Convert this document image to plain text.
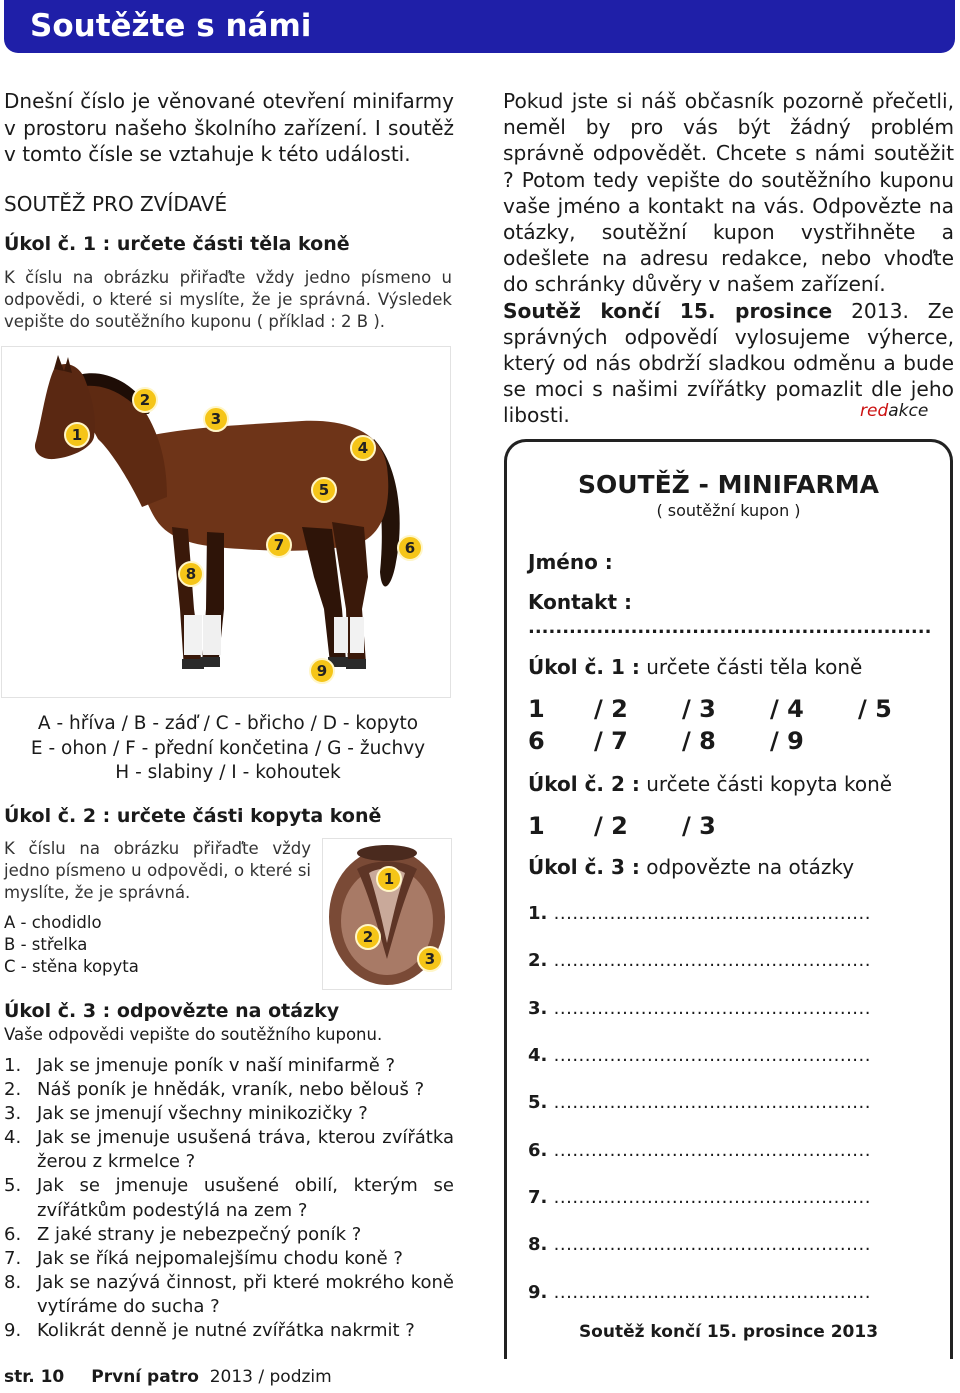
Soutěžte s námi
Dnešní číslo je věnované otevření minifarmy v prostoru našeho školního zařízení. I soutěž v tomto čísle se vztahuje k této události.
SOUTĚŽ PRO ZVÍDAVÉ
Úkol č. 1 : určete části těla koně
K číslu na obrázku přiřaďte vždy jedno písmeno u odpovědi, o které si myslíte, že je správná. Výsledek vepište do soutěžního kuponu ( příklad : 2 B ).
1
2
3
4
5
6
7
8
9
A - hříva / B - záď / C - břicho / D - kopyto
E - ohon / F - přední končetina / G - žuchvy
H - slabiny / I - kohoutek
Úkol č. 2 : určete části kopyta koně
K číslu na obrázku přiřaďte vždy jedno písmeno u odpovědi, o které si myslíte, že je správná.
A - chodidlo
B - střelka
C - stěna kopyta
1
2
3
Úkol č. 3 : odpovězte na otázky
Vaše odpovědi vepište do soutěžního kuponu.
1. Jak se jmenuje poník v naší minifarmě ?
2. Náš poník je hnědák, vraník, nebo bělouš ?
3. Jak se jmenují všechny minikozičky ?
4. Jak se jmenuje usušená tráva, kterou zvířátka žerou z krmelce ?
5. Jak se jmenuje usušené obilí, kterým se zvířátkům podestýlá na zem ?
6. Z jaké strany je nebezpečný poník ?
7. Jak se říká nejpomalejšímu chodu koně ?
8. Jak se nazývá činnost, při které mokrého koně vytíráme do sucha ?
9. Kolikrát denně je nutné zvířátka nakrmit ?
str. 10 První patro 2013 / podzim
Pokud jste si náš občasník pozorně přečetli, neměl by pro vás být žádný problém správně odpovědět. Chcete s námi soutěžit ? Potom tedy vepište do soutěžního kuponu vaše jméno a kontakt na vás. Odpovězte na otázky, soutěžní kupon vystřihněte a odešlete na adresu redakce, nebo vhoďte do schránky důvěry v našem zařízení.
Soutěž končí 15. prosince 2013. Ze správných odpovědí vylosujeme výherce, který od nás obdrží sladkou odměnu a bude se moci s našimi zvířátky pomazlit dle jeho libosti.	redakce
SOUTĚŽ - MINIFARMA
( soutěžní kupon )
Jméno :
Kontakt :
...........................................................
Úkol č. 1 : určete části těla koně
1 / 2 / 3 / 4 / 5
6 / 7 / 8 / 9
Úkol č. 2 : určete části kopyta koně
1 / 2 / 3
Úkol č. 3 : odpovězte na otázky
1. ...................................................
2. ...................................................
3. ...................................................
4. ...................................................
5. ...................................................
6. ...................................................
7. ...................................................
8. ...................................................
9. ...................................................
Soutěž končí 15. prosince 2013
